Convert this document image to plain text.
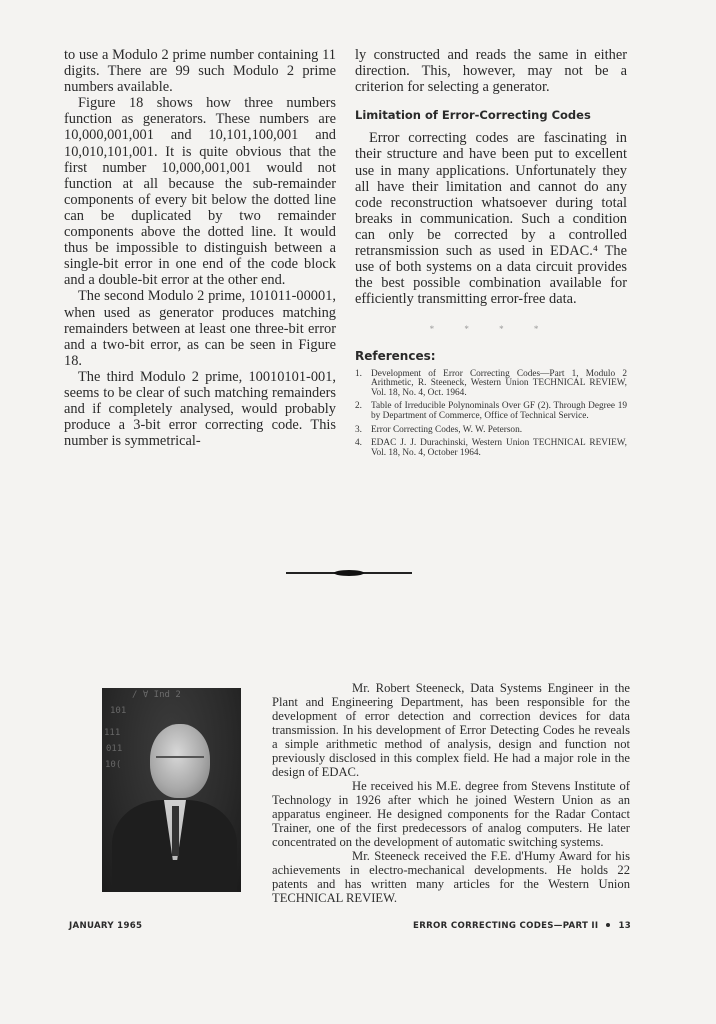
to use a Modulo 2 prime number containing 11 digits. There are 99 such Modulo 2 prime numbers available.

Figure 18 shows how three numbers function as generators. These numbers are 10,000,001,001 and 10,101,100,001 and 10,010,101,001. It is quite obvious that the first number 10,000,001,001 would not function at all because the sub-remainder components of every bit below the dotted line can be duplicated by two remainder components above the dotted line. It would thus be impossible to distinguish between a single-bit error in one end of the code block and a double-bit error at the other end.

The second Modulo 2 prime, 101011-00001, when used as generator produces matching remainders between at least one three-bit error and a two-bit error, as can be seen in Figure 18.

The third Modulo 2 prime, 10010101-001, seems to be clear of such matching remainders and if completely analysed, would probably produce a 3-bit error correcting code. This number is symmetrical-

ly constructed and reads the same in either direction. This, however, may not be a criterion for selecting a generator.

Limitation of Error-Correcting Codes

Error correcting codes are fascinating in their structure and have been put to excellent use in many applications. Unfortunately they all have their limitation and cannot do any code reconstruction whatsoever during total breaks in communication. Such a condition can only be corrected by a controlled retransmission such as used in EDAC.⁴ The use of both systems on a data circuit provides the best possible combination available for efficiently transmitting error-free data.

* * * *
References:
1. Development of Error Correcting Codes—Part 1, Modulo 2 Arithmetic, R. Steeneck, Western Union TECHNICAL REVIEW, Vol. 18, No. 4, Oct. 1964.
2. Table of Irreducible Polynominals Over GF (2). Through Degree 19 by Department of Commerce, Office of Technical Service.
3. Error Correcting Codes, W. W. Peterson.
4. EDAC J. J. Durachinski, Western Union TECHNICAL REVIEW, Vol. 18, No. 4, October 1964.
/ ∀ Ind 2
101
111
011
10(

Mr. Robert Steeneck, Data Systems Engineer in the Plant and Engineering Department, has been responsible for the development of error detection and correction devices for data transmission. In his development of Error Detecting Codes he reveals a simple arithmetic method of analysis, design and function not previously disclosed in this complex field. He had a major role in the design of EDAC.

He received his M.E. degree from Stevens Institute of Technology in 1926 after which he joined Western Union as an apparatus engineer. He designed components for the Radar Contact Trainer, one of the first predecessors of analog computers. He later concentrated on the development of automatic switching systems.

Mr. Steeneck received the F.E. d'Humy Award for his achievements in electro-mechanical developments. He holds 22 patents and has written many articles for the Western Union TECHNICAL REVIEW.

JANUARY 1965	ERROR CORRECTING CODES—PART II 13
